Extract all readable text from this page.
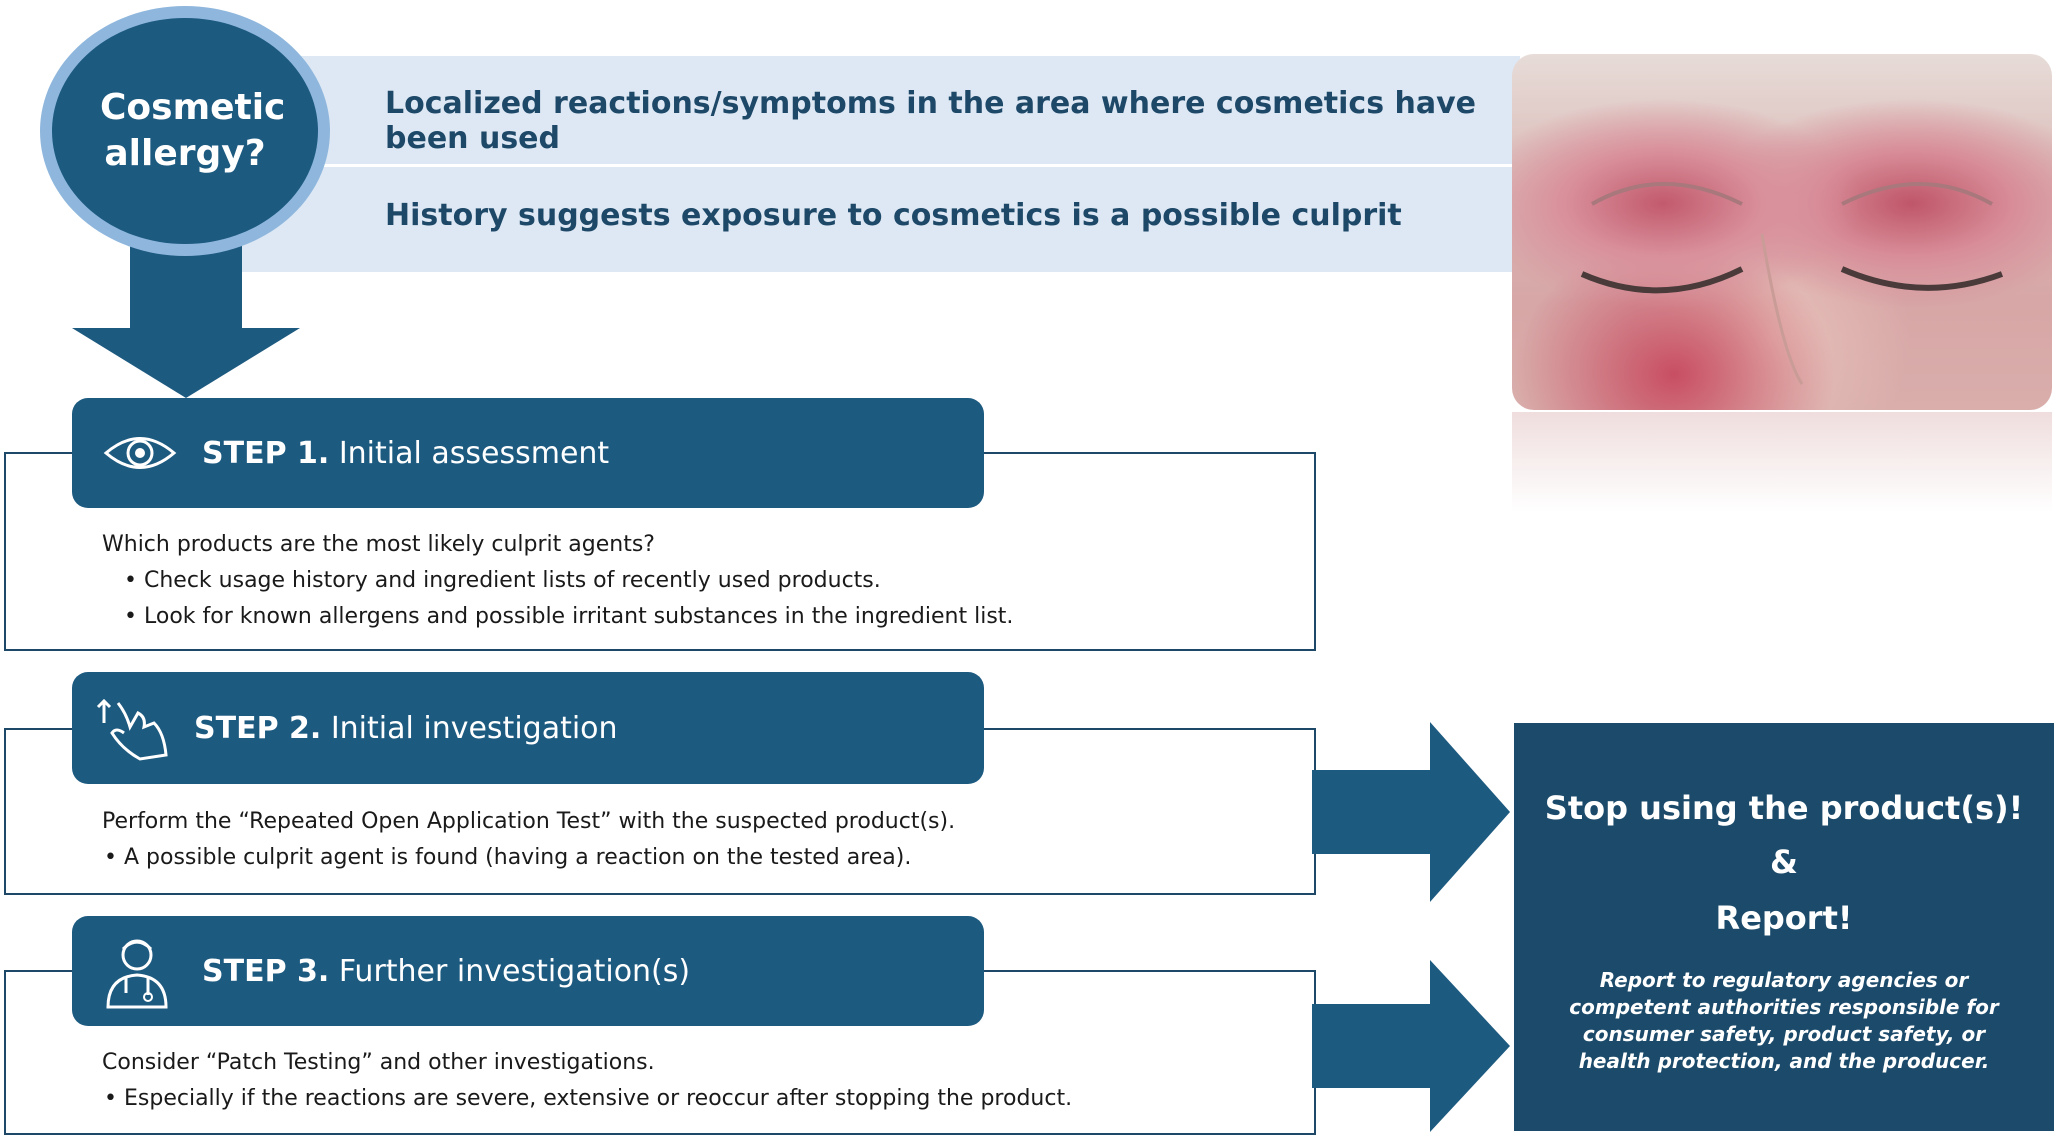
Localized reactions/symptoms in the area where cosmetics have been used
History suggests exposure to cosmetics is a possible culprit
Cosmetic allergy?
STEP 1. Initial assessment
Which products are the most likely culprit agents?
• Check usage history and ingredient lists of recently used products.
• Look for known allergens and possible irritant substances in the ingredient list.
STEP 2. Initial investigation
Perform the “Repeated Open Application Test” with the suspected product(s).
• A possible culprit agent is found (having a reaction on the tested area).
STEP 3. Further investigation(s)
Consider “Patch Testing” and other investigations.
• Especially if the reactions are severe, extensive or reoccur after stopping the product.
Stop using the product(s)!
&
Report!
Report to regulatory agencies or competent authorities responsible for consumer safety, product safety, or health protection, and the producer.
